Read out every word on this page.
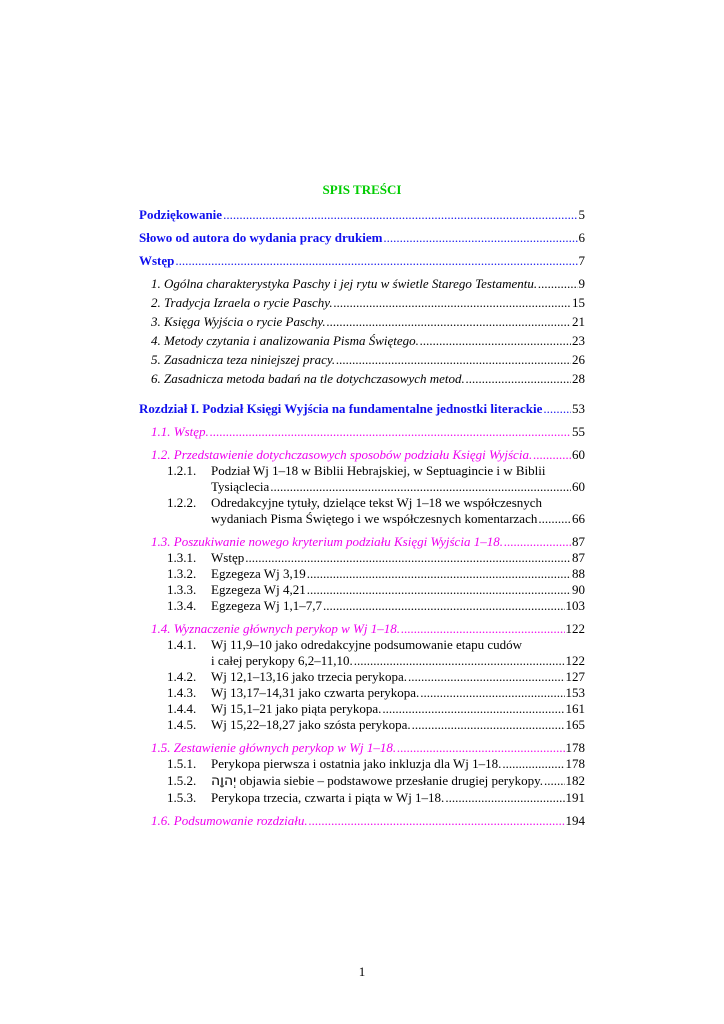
SPIS TREŚCI
Podziękowanie .....	5
Słowo od autora do wydania pracy drukiem .....	6
Wstęp .....	7
1. Ogólna charakterystyka Paschy i jej rytu w świetle Starego Testamentu. .....	9
2. Tradycja Izraela o rycie Paschy. .....	15
3. Księga Wyjścia o rycie Paschy. .....	21
4. Metody czytania i analizowania Pisma Świętego. .....	23
5. Zasadnicza teza niniejszej pracy. .....	26
6. Zasadnicza metoda badań na tle dotychczasowych metod. .....	28
Rozdział I. Podział Księgi Wyjścia na fundamentalne jednostki literackie ..... 53
1.1. Wstęp. .....	55
1.2. Przedstawienie dotychczasowych sposobów podziału Księgi Wyjścia. .....	60
1.2.1. Podział Wj 1–18 w Biblii Hebrajskiej, w Septuagincie i w Biblii
Tysiąclecia .....	60
1.2.2. Odredakcyjne tytuły, dzielące tekst Wj 1–18 we współczesnych
wydaniach Pisma Świętego i we współczesnych komentarzach .....	66
1.3. Poszukiwanie nowego kryterium podziału Księgi Wyjścia 1–18. .....	87
1.3.1. Wstęp .....	87
1.3.2. Egzegeza Wj 3,19 .....	88
1.3.3. Egzegeza Wj 4,21 .....	90
1.3.4. Egzegeza Wj 1,1–7,7 .....	103
1.4. Wyznaczenie głównych perykop w Wj 1–18. .....	122
1.4.1. Wj 11,9–10 jako odredakcyjne podsumowanie etapu cudów
i całej perykopy 6,2–11,10. .....	122
1.4.2. Wj 12,1–13,16 jako trzecia perykopa. .....	127
1.4.3. Wj 13,17–14,31 jako czwarta perykopa. .....	153
1.4.4. Wj 15,1–21 jako piąta perykopa. .....	161
1.4.5. Wj 15,22–18,27 jako szósta perykopa. .....	165
1.5. Zestawienie głównych perykop w Wj 1–18. .....	178
1.5.1. Perykopa pierwsza i ostatnia jako inkluzja dla Wj 1–18. .....	178
1.5.2. יְהוָה objawia siebie – podstawowe przesłanie drugiej perykopy. ..... 182
1.5.3. Perykopa trzecia, czwarta i piąta w Wj 1–18. .....	191
1.6. Podsumowanie rozdziału. .....	194
1
